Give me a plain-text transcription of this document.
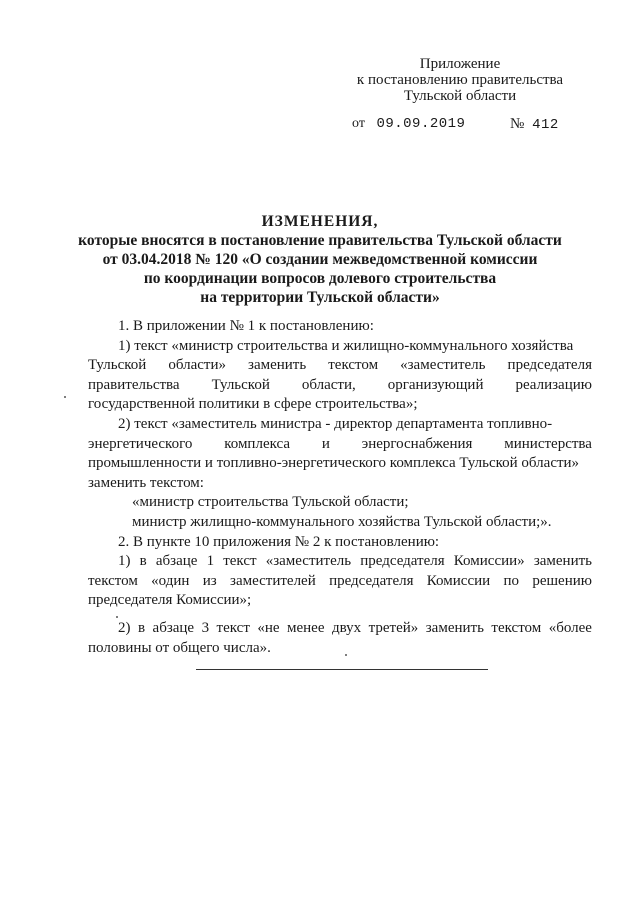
Приложение
к постановлению правительства
Тульской области
от 09.09.2019	№ 412
ИЗМЕНЕНИЯ,
которые вносятся в постановление правительства Тульской области
от 03.04.2018 № 120 «О создании межведомственной комиссии
по координации вопросов долевого строительства
на территории Тульской области»
1. В приложении № 1 к постановлению:
1) текст «министр строительства и жилищно-коммунального хозяйства
Тульской области» заменить текстом «заместитель председателя
правительства Тульской области, организующий реализацию
государственной политики в сфере строительства»;
2) текст «заместитель министра - директор департамента топливно-
энергетического комплекса и энергоснабжения министерства
промышленности и топливно-энергетического комплекса Тульской области»
заменить текстом:
«министр строительства Тульской области;
министр жилищно-коммунального хозяйства Тульской области;».
2. В пункте 10 приложения № 2 к постановлению:
1) в абзаце 1 текст «заместитель председателя Комиссии» заменить
текстом «один из заместителей председателя Комиссии по решению
председателя Комиссии»;
2) в абзаце 3 текст «не менее двух третей» заменить текстом «более
половины от общего числа».
